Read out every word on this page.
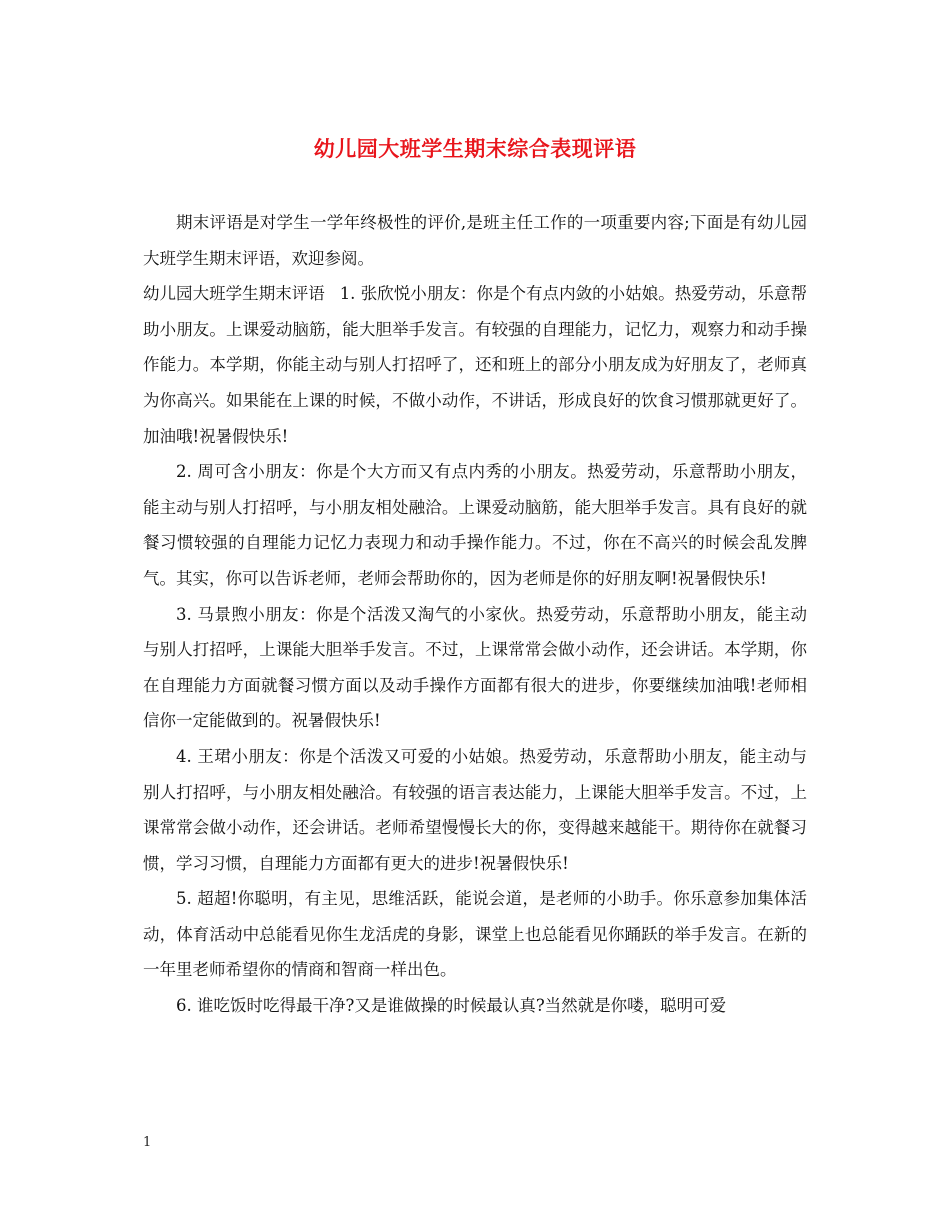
幼儿园大班学生期末综合表现评语

期末评语是对学生一学年终极性的评价,是班主任工作的一项重要内容;下面是有幼儿园大班学生期末评语，欢迎参阅。

幼儿园大班学生期末评语 1. 张欣悦小朋友：你是个有点内敛的小姑娘。热爱劳动，乐意帮助小朋友。上课爱动脑筋，能大胆举手发言。有较强的自理能力，记忆力，观察力和动手操作能力。本学期，你能主动与别人打招呼了，还和班上的部分小朋友成为好朋友了，老师真为你高兴。如果能在上课的时候，不做小动作，不讲话，形成良好的饮食习惯那就更好了。加油哦!祝暑假快乐!

2. 周可含小朋友：你是个大方而又有点内秀的小朋友。热爱劳动，乐意帮助小朋友，能主动与别人打招呼，与小朋友相处融洽。上课爱动脑筋，能大胆举手发言。具有良好的就餐习惯较强的自理能力记忆力表现力和动手操作能力。不过，你在不高兴的时候会乱发脾气。其实，你可以告诉老师，老师会帮助你的，因为老师是你的好朋友啊!祝暑假快乐!

3. 马景煦小朋友：你是个活泼又淘气的小家伙。热爱劳动，乐意帮助小朋友，能主动与别人打招呼，上课能大胆举手发言。不过，上课常常会做小动作，还会讲话。本学期，你在自理能力方面就餐习惯方面以及动手操作方面都有很大的进步，你要继续加油哦!老师相信你一定能做到的。祝暑假快乐!

4. 王珺小朋友：你是个活泼又可爱的小姑娘。热爱劳动，乐意帮助小朋友，能主动与别人打招呼，与小朋友相处融洽。有较强的语言表达能力，上课能大胆举手发言。不过，上课常常会做小动作，还会讲话。老师希望慢慢长大的你，变得越来越能干。期待你在就餐习惯，学习习惯，自理能力方面都有更大的进步!祝暑假快乐!

5. 超超!你聪明，有主见，思维活跃，能说会道，是老师的小助手。你乐意参加集体活动，体育活动中总能看见你生龙活虎的身影，课堂上也总能看见你踊跃的举手发言。在新的一年里老师希望你的情商和智商一样出色。

6. 谁吃饭时吃得最干净?又是谁做操的时候最认真?当然就是你喽，聪明可爱

1
